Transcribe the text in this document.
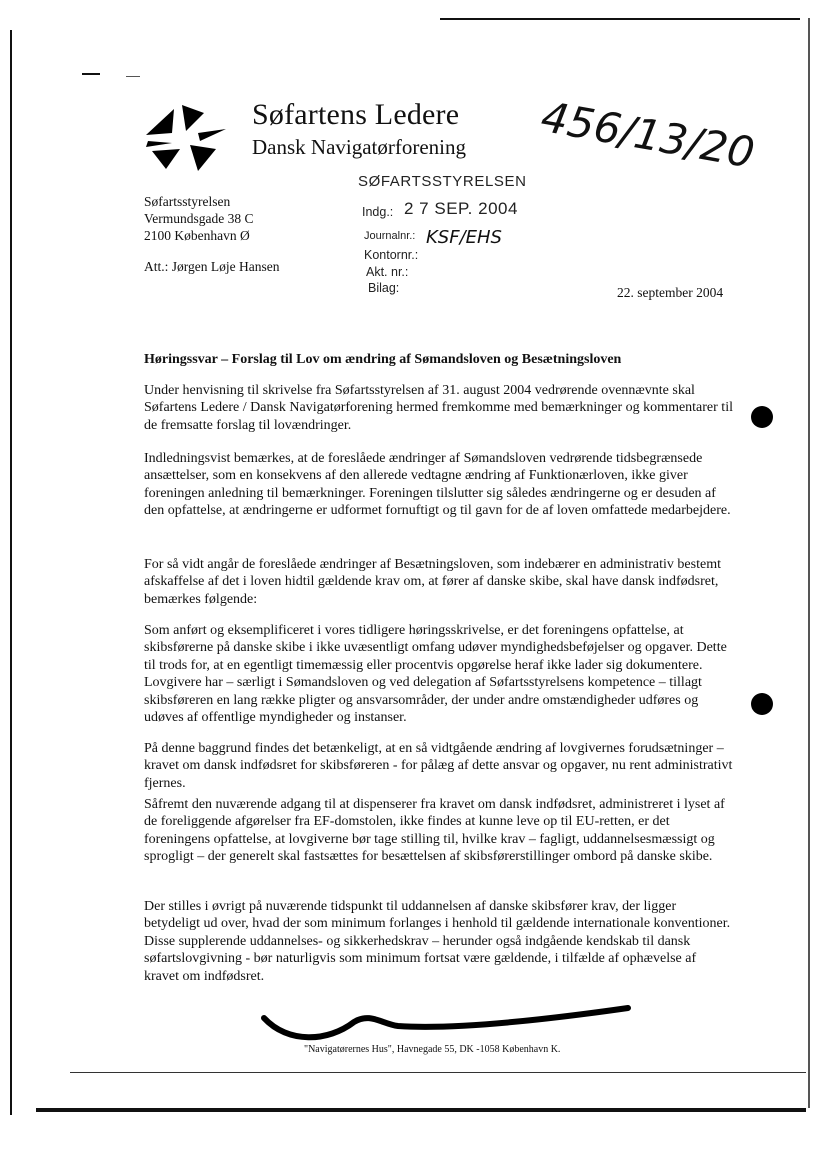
Søfartens Ledere
Dansk Navigatørforening 456/13/20
Søfartsstyrelsen
Vermundsgade 38 C
2100 København Ø
Att.: Jørgen Løje Hansen
SØFARTSSTYRELSEN
Indg.: 2 7 SEP. 2004
Journalnr.: KSF/EHS
Kontornr.:
Akt. nr.:
Bilag:	22. september 2004
Høringssvar – Forslag til Lov om ændring af Sømandsloven og Besætningsloven

Under henvisning til skrivelse fra Søfartsstyrelsen af 31. august 2004 vedrørende ovennævnte skal Søfartens Ledere / Dansk Navigatørforening hermed fremkomme med bemærkninger og kommentarer til de fremsatte forslag til lovændringer.

Indledningsvist bemærkes, at de foreslåede ændringer af Sømandsloven vedrørende tidsbegrænsede ansættelser, som en konsekvens af den allerede vedtagne ændring af Funktionærloven, ikke giver foreningen anledning til bemærkninger. Foreningen tilslutter sig således ændringerne og er desuden af den opfattelse, at ændringerne er udformet fornuftigt og til gavn for de af loven omfattede medarbejdere.

For så vidt angår de foreslåede ændringer af Besætningsloven, som indebærer en administrativ bestemt afskaffelse af det i loven hidtil gældende krav om, at fører af danske skibe, skal have dansk indfødsret, bemærkes følgende:

Som anført og eksemplificeret i vores tidligere høringsskrivelse, er det foreningens opfattelse, at skibsførerne på danske skibe i ikke uvæsentligt omfang udøver myndighedsbeføjelser og opgaver. Dette til trods for, at en egentligt timemæssig eller procentvis opgørelse heraf ikke lader sig dokumentere. Lovgivere har – særligt i Sømandsloven og ved delegation af Søfartsstyrelsens kompetence – tillagt skibsføreren en lang række pligter og ansvarsområder, der under andre omstændigheder udføres og udøves af offentlige myndigheder og instanser.

På denne baggrund findes det betænkeligt, at en så vidtgående ændring af lovgivernes forudsætninger – kravet om dansk indfødsret for skibsføreren - for pålæg af dette ansvar og opgaver, nu rent administrativt fjernes.

Såfremt den nuværende adgang til at dispenserer fra kravet om dansk indfødsret, administreret i lyset af de foreliggende afgørelser fra EF-domstolen, ikke findes at kunne leve op til EU-retten, er det foreningens opfattelse, at lovgiverne bør tage stilling til, hvilke krav – fagligt, uddannelsesmæssigt og sprogligt – der generelt skal fastsættes for besættelsen af skibsførerstillinger ombord på danske skibe.

Der stilles i øvrigt på nuværende tidspunkt til uddannelsen af danske skibsfører krav, der ligger betydeligt ud over, hvad der som minimum forlanges i henhold til gældende internationale konventioner. Disse supplerende uddannelses- og sikkerhedskrav – herunder også indgående kendskab til dansk søfartslovgivning - bør naturligvis som minimum fortsat være gældende, i tilfælde af ophævelse af kravet om indfødsret.

"Navigatørernes Hus", Havnegade 55, DK -1058 København K.
